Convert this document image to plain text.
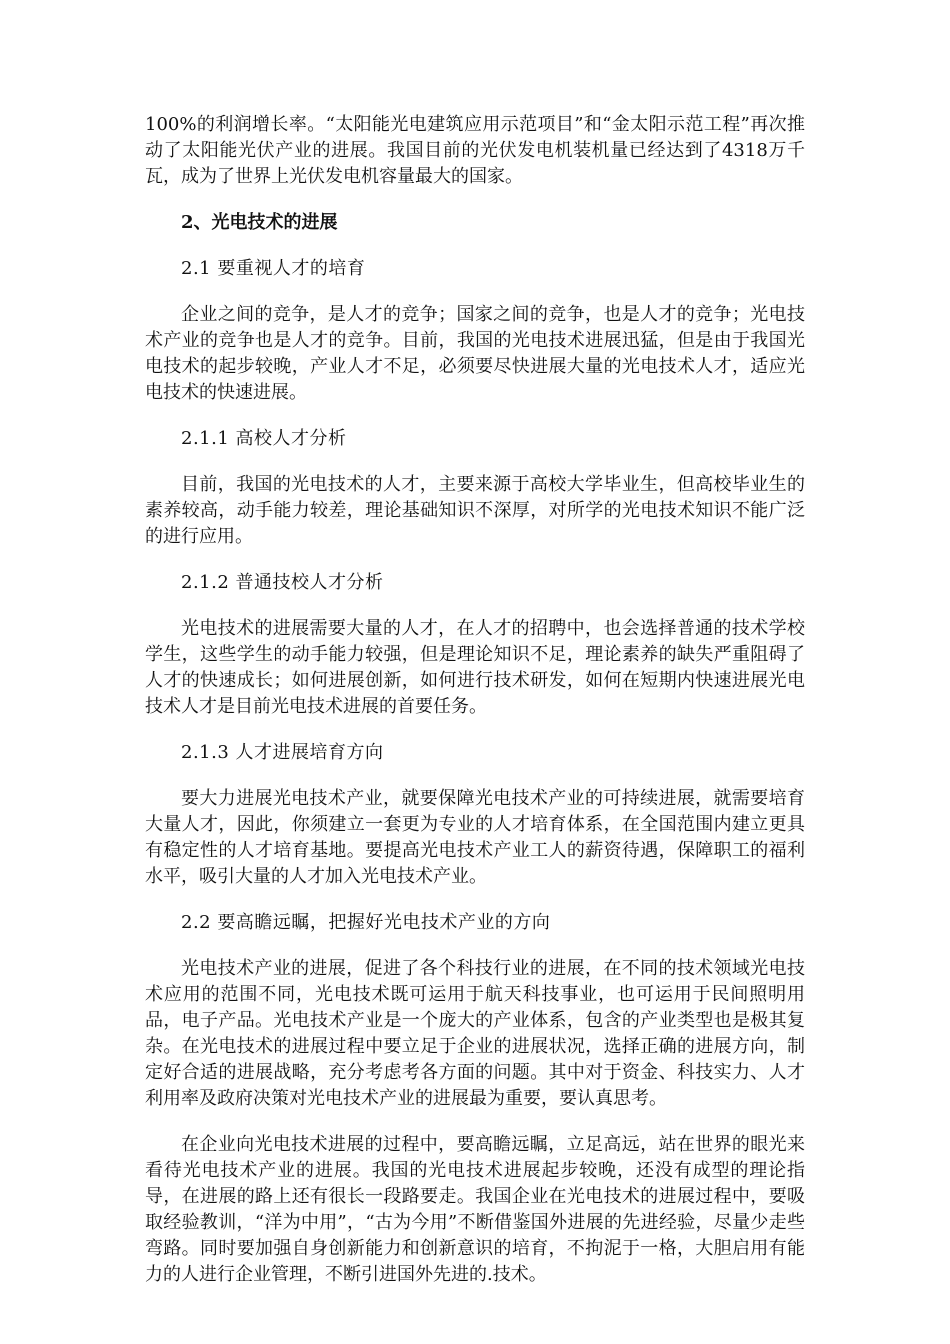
100%的利润增长率。“太阳能光电建筑应用示范项目”和“金太阳示范工程”再次推动了太阳能光伏产业的进展。我国目前的光伏发电机装机量已经达到了4318万千瓦，成为了世界上光伏发电机容量最大的国家。

2、光电技术的进展

2.1 要重视人才的培育

企业之间的竞争，是人才的竞争；国家之间的竞争，也是人才的竞争；光电技术产业的竞争也是人才的竞争。目前，我国的光电技术进展迅猛，但是由于我国光电技术的起步较晚，产业人才不足，必须要尽快进展大量的光电技术人才，适应光电技术的快速进展。

2.1.1 高校人才分析

目前，我国的光电技术的人才，主要来源于高校大学毕业生，但高校毕业生的素养较高，动手能力较差，理论基础知识不深厚，对所学的光电技术知识不能广泛的进行应用。

2.1.2 普通技校人才分析

光电技术的进展需要大量的人才，在人才的招聘中，也会选择普通的技术学校学生，这些学生的动手能力较强，但是理论知识不足，理论素养的缺失严重阻碍了人才的快速成长；如何进展创新，如何进行技术研发，如何在短期内快速进展光电技术人才是目前光电技术进展的首要任务。

2.1.3 人才进展培育方向

要大力进展光电技术产业，就要保障光电技术产业的可持续进展，就需要培育大量人才，因此，你须建立一套更为专业的人才培育体系，在全国范围内建立更具有稳定性的人才培育基地。要提高光电技术产业工人的薪资待遇，保障职工的福利水平，吸引大量的人才加入光电技术产业。

2.2 要高瞻远瞩，把握好光电技术产业的方向

光电技术产业的进展，促进了各个科技行业的进展，在不同的技术领域光电技术应用的范围不同，光电技术既可运用于航天科技事业，也可运用于民间照明用品，电子产品。光电技术产业是一个庞大的产业体系，包含的产业类型也是极其复杂。在光电技术的进展过程中要立足于企业的进展状况，选择正确的进展方向，制定好合适的进展战略，充分考虑考各方面的问题。其中对于资金、科技实力、人才利用率及政府决策对光电技术产业的进展最为重要，要认真思考。

在企业向光电技术进展的过程中，要高瞻远瞩，立足高远，站在世界的眼光来看待光电技术产业的进展。我国的光电技术进展起步较晚，还没有成型的理论指导，在进展的路上还有很长一段路要走。我国企业在光电技术的进展过程中，要吸取经验教训，“洋为中用”，“古为今用”不断借鉴国外进展的先进经验，尽量少走些弯路。同时要加强自身创新能力和创新意识的培育，不拘泥于一格，大胆启用有能力的人进行企业管理，不断引进国外先进的.技术。
